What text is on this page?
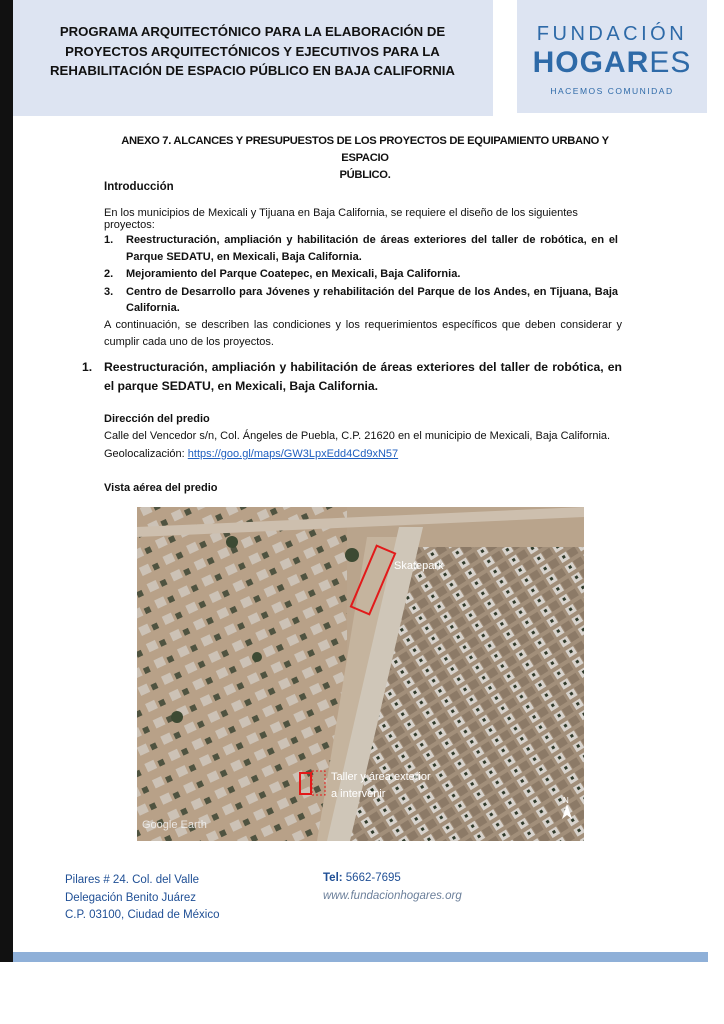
PROGRAMA ARQUITECTÓNICO PARA LA ELABORACIÓN DE
PROYECTOS ARQUITECTÓNICOS Y EJECUTIVOS PARA LA
REHABILITACIÓN DE ESPACIO PÚBLICO EN BAJA CALIFORNIA
FUNDACIÓN
HOGARES
HACEMOS COMUNIDAD
ANEXO 7. ALCANCES Y PRESUPUESTOS DE LOS PROYECTOS DE EQUIPAMIENTO URBANO Y ESPACIO
PÚBLICO.
Introducción
En los municipios de Mexicali y Tijuana en Baja California, se requiere el diseño de los siguientes proyectos:
1. Reestructuración, ampliación y habilitación de áreas exteriores del taller de robótica, en el Parque SEDATU, en Mexicali, Baja California.
2. Mejoramiento del Parque Coatepec, en Mexicali, Baja California.
3. Centro de Desarrollo para Jóvenes y rehabilitación del Parque de los Andes, en Tijuana, Baja California.
A continuación, se describen las condiciones y los requerimientos específicos que deben considerar y cumplir cada uno de los proyectos.
1. Reestructuración, ampliación y habilitación de áreas exteriores del taller de robótica, en el parque SEDATU, en Mexicali, Baja California.
Dirección del predio
Calle del Vencedor s/n, Col. Ángeles de Puebla, C.P. 21620 en el municipio de Mexicali, Baja California.
Geolocalización: https://goo.gl/maps/GW3LpxEdd4Cd9xN57
Vista aérea del predio
Skatepark
Taller y área exterior
a intervenir
Google Earth
N
Pilares # 24. Col. del Valle
Delegación Benito Juárez
C.P. 03100, Ciudad de México
Tel: 5662-7695
www.fundacionhogares.org
